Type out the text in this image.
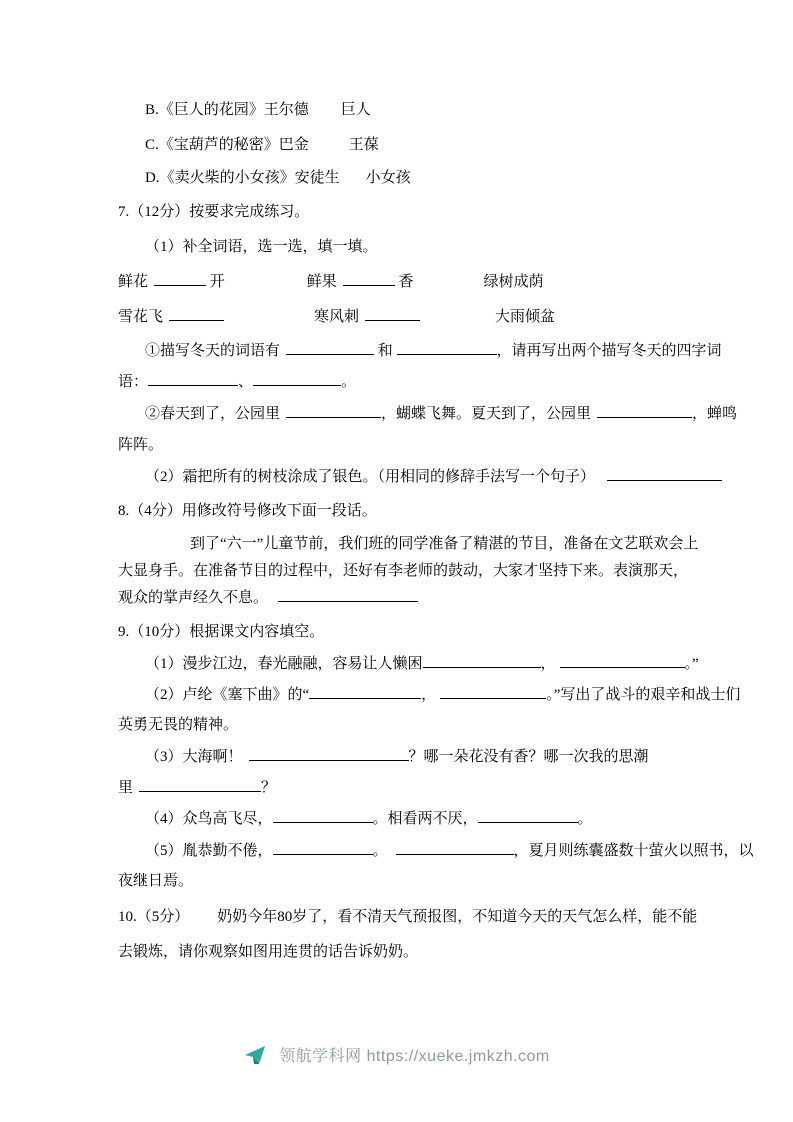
B.《巨人的花园》王尔德 巨人
C.《宝葫芦的秘密》巴金	王葆
D.《卖火柴的小女孩》安徒生 小女孩
7.（12分）按要求完成练习。
（1）补全词语，选一选，填一填。
鲜花	开	鲜果	香	绿树成荫
雪花飞	寒风刺	大雨倾盆
①描写冬天的词语有	和	，请再写出两个描写冬天的四字词
语：	、	。
②春天到了，公园里	，蝴蝶飞舞。夏天到了，公园里	，蝉鸣
阵阵。
（2）霜把所有的树枝涂成了银色。（用相同的修辞手法写一个句子）
8.（4分）用修改符号修改下面一段话。
到了“六一”儿童节前，我们班的同学准备了精湛的节目，准备在文艺联欢会上
大显身手。在准备节目的过程中，还好有李老师的鼓动，大家才坚持下来。表演那天，
观众的掌声经久不息。
9.（10分）根据课文内容填空。
（1）漫步江边，春光融融，容易让人懒困	，	。”
（2）卢纶《塞下曲》的“	，	。”写出了战斗的艰辛和战士们
英勇无畏的精神。
（3）大海啊！	？哪一朵花没有香？哪一次我的思潮
里	？
（4）众鸟高飞尽，	。相看两不厌，	。
（5）胤恭勤不倦，	。	，夏月则练囊盛数十萤火以照书，以
夜继日焉。
10.（5分） 奶奶今年80岁了，看不清天气预报图，不知道今天的天气怎么样，能不能
去锻炼，请你观察如图用连贯的话告诉奶奶。
领航学科网 https://xueke.jmkzh.com
